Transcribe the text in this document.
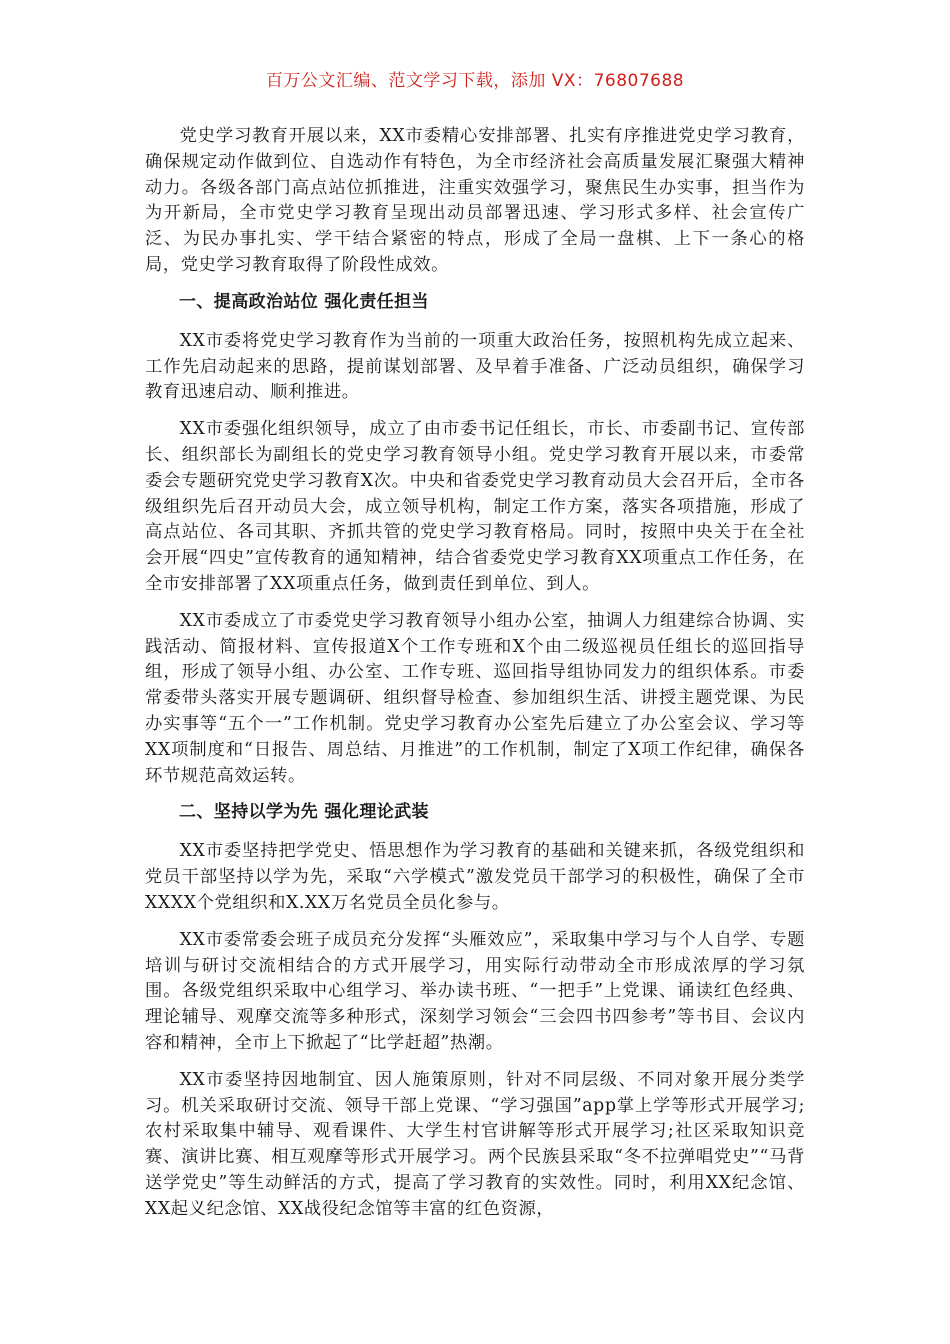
百万公文汇编、范文学习下载，添加 VX：76807688

党史学习教育开展以来，XX市委精心安排部署、扎实有序推进党史学习教育，确保规定动作做到位、自选动作有特色，为全市经济社会高质量发展汇聚强大精神动力。各级各部门高点站位抓推进，注重实效强学习，聚焦民生办实事，担当作为为开新局，全市党史学习教育呈现出动员部署迅速、学习形式多样、社会宣传广泛、为民办事扎实、学干结合紧密的特点，形成了全局一盘棋、上下一条心的格局，党史学习教育取得了阶段性成效。

一、提高政治站位 强化责任担当

XX市委将党史学习教育作为当前的一项重大政治任务，按照机构先成立起来、工作先启动起来的思路，提前谋划部署、及早着手准备、广泛动员组织，确保学习教育迅速启动、顺利推进。

XX市委强化组织领导，成立了由市委书记任组长，市长、市委副书记、宣传部长、组织部长为副组长的党史学习教育领导小组。党史学习教育开展以来，市委常委会专题研究党史学习教育X次。中央和省委党史学习教育动员大会召开后，全市各级组织先后召开动员大会，成立领导机构，制定工作方案，落实各项措施，形成了高点站位、各司其职、齐抓共管的党史学习教育格局。同时，按照中央关于在全社会开展“四史”宣传教育的通知精神，结合省委党史学习教育XX项重点工作任务，在全市安排部署了XX项重点任务，做到责任到单位、到人。

XX市委成立了市委党史学习教育领导小组办公室，抽调人力组建综合协调、实践活动、简报材料、宣传报道X个工作专班和X个由二级巡视员任组长的巡回指导组，形成了领导小组、办公室、工作专班、巡回指导组协同发力的组织体系。市委常委带头落实开展专题调研、组织督导检查、参加组织生活、讲授主题党课、为民办实事等“五个一”工作机制。党史学习教育办公室先后建立了办公室会议、学习等XX项制度和“日报告、周总结、月推进”的工作机制，制定了X项工作纪律，确保各环节规范高效运转。

二、坚持以学为先 强化理论武装

XX市委坚持把学党史、悟思想作为学习教育的基础和关键来抓，各级党组织和党员干部坚持以学为先，采取“六学模式”激发党员干部学习的积极性，确保了全市XXXX个党组织和X.XX万名党员全员化参与。

XX市委常委会班子成员充分发挥“头雁效应”，采取集中学习与个人自学、专题培训与研讨交流相结合的方式开展学习，用实际行动带动全市形成浓厚的学习氛围。各级党组织采取中心组学习、举办读书班、“一把手”上党课、诵读红色经典、理论辅导、观摩交流等多种形式，深刻学习领会“三会四书四参考”等书目、会议内容和精神，全市上下掀起了“比学赶超”热潮。

XX市委坚持因地制宜、因人施策原则，针对不同层级、不同对象开展分类学习。机关采取研讨交流、领导干部上党课、“学习强国”app掌上学等形式开展学习;农村采取集中辅导、观看课件、大学生村官讲解等形式开展学习;社区采取知识竞赛、演讲比赛、相互观摩等形式开展学习。两个民族县采取“冬不拉弹唱党史”“马背送学党史”等生动鲜活的方式，提高了学习教育的实效性。同时，利用XX纪念馆、XX起义纪念馆、XX战役纪念馆等丰富的红色资源，
